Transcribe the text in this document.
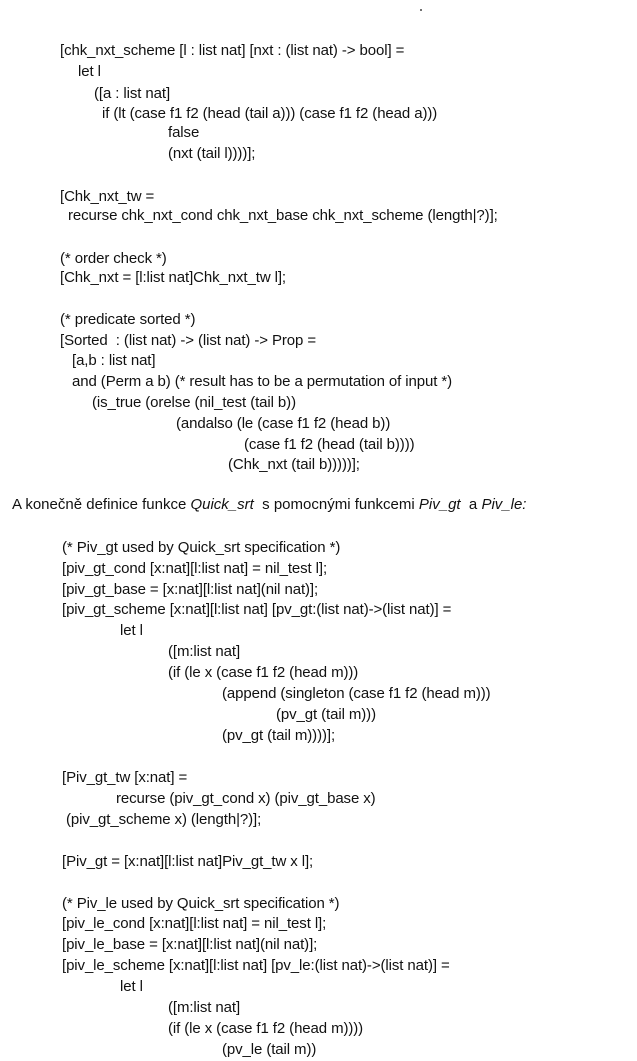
[chk_nxt_scheme [l : list nat] [nxt : (list nat) -> bool] =

let l

([a : list nat]

if (lt (case f1 f2 (head (tail a))) (case f1 f2 (head a)))

false

(nxt (tail l))))];

[Chk_nxt_tw =

recurse chk_nxt_cond chk_nxt_base chk_nxt_scheme (length|?)];

(* order check *)

[Chk_nxt = [l:list nat]Chk_nxt_tw l];

(* predicate sorted *)

[Sorted  : (list nat) -> (list nat) -> Prop =

[a,b : list nat]

and (Perm a b) (* result has to be a permutation of input *)

(is_true (orelse (nil_test (tail b))

(andalso (le (case f1 f2 (head b))

(case f1 f2 (head (tail b))))

(Chk_nxt (tail b)))))];

A konečně definice funkce Quick_srt  s pomocnými funkcemi Piv_gt  a Piv_le:

(* Piv_gt used by Quick_srt specification *)

[piv_gt_cond [x:nat][l:list nat] = nil_test l];

[piv_gt_base = [x:nat][l:list nat](nil nat)];

[piv_gt_scheme [x:nat][l:list nat] [pv_gt:(list nat)->(list nat)] =

let l

([m:list nat]

(if (le x (case f1 f2 (head m)))

(append (singleton (case f1 f2 (head m)))

(pv_gt (tail m)))

(pv_gt (tail m))))];

[Piv_gt_tw [x:nat] =

recurse (piv_gt_cond x) (piv_gt_base x)

(piv_gt_scheme x) (length|?)];

[Piv_gt = [x:nat][l:list nat]Piv_gt_tw x l];

(* Piv_le used by Quick_srt specification *)

[piv_le_cond [x:nat][l:list nat] = nil_test l];

[piv_le_base = [x:nat][l:list nat](nil nat)];

[piv_le_scheme [x:nat][l:list nat] [pv_le:(list nat)->(list nat)] =

let l

([m:list nat]

(if (le x (case f1 f2 (head m))))

(pv_le (tail m))
